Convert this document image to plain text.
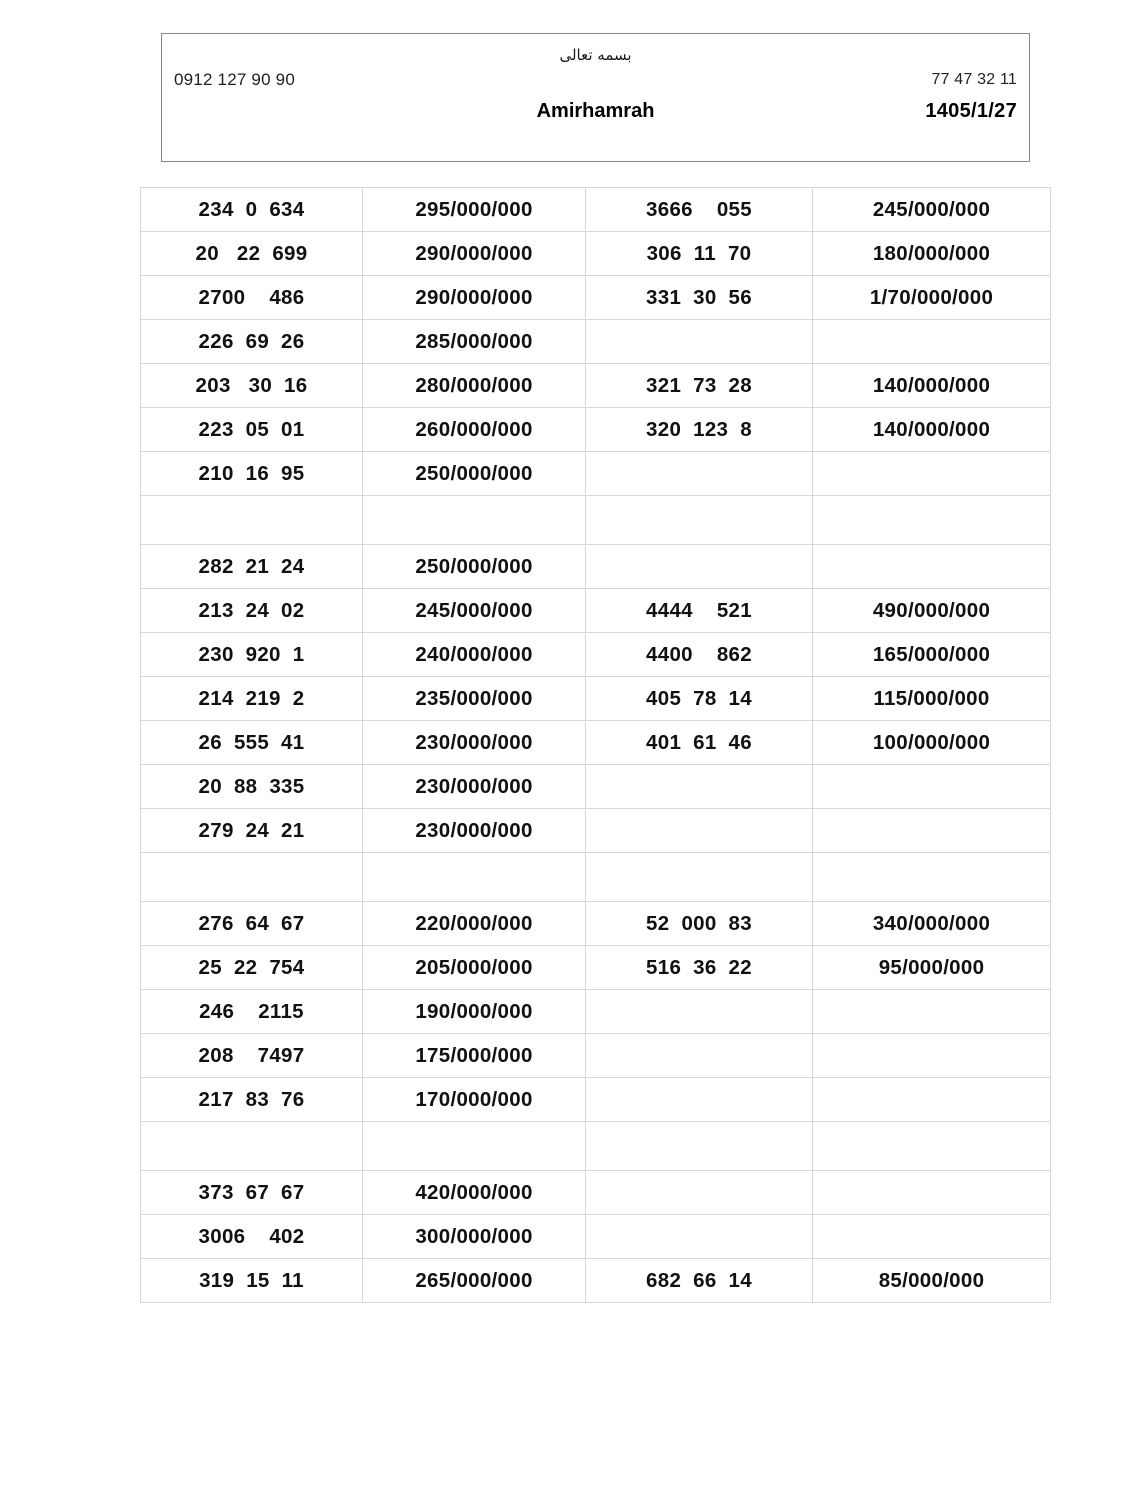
بسمه تعالی
0912 127 90 90	77 47 32 11
Amirhamrah	1405/1/27
234  0  634	295/000/000	3666    055	245/000/000
20   22  699	290/000/000	306  11  70	180/000/000
2700    486	290/000/000	331  30  56	1/70/000/000
226  69  26	285/000/000		
203   30  16	280/000/000	321  73  28	140/000/000
223  05  01	260/000/000	320  123  8	140/000/000
210  16  95	250/000/000		

282  21  24	250/000/000		
213  24  02	245/000/000	4444    521	490/000/000
230  920  1	240/000/000	4400    862	165/000/000
214  219  2	235/000/000	405  78  14	115/000/000
26  555  41	230/000/000	401  61  46	100/000/000
20  88  335	230/000/000		
279  24  21	230/000/000		

276  64  67	220/000/000	52  000  83	340/000/000
25  22  754	205/000/000	516  36  22	95/000/000
246    2115	190/000/000		
208    7497	175/000/000		
217  83  76	170/000/000		

373  67  67	420/000/000		
3006    402	300/000/000		
319  15  11	265/000/000	682  66  14	85/000/000
